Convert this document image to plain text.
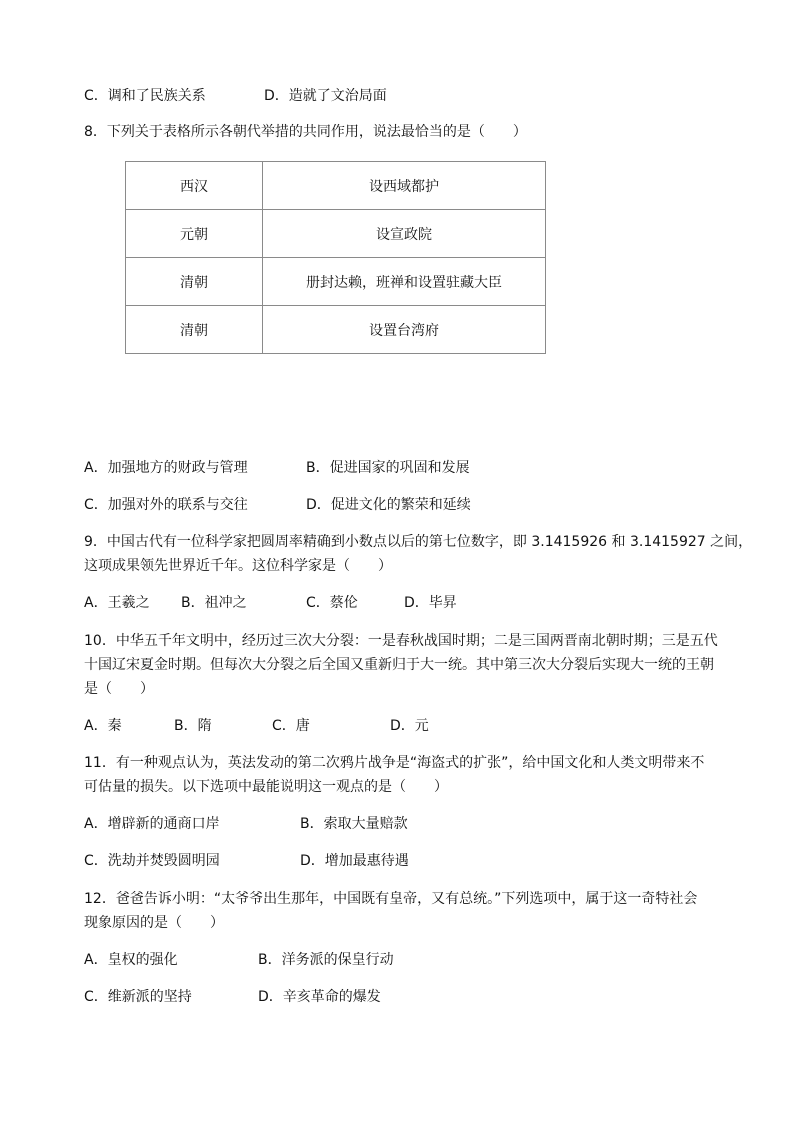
C．调和了民族关系	D．造就了文治局面
8．下列关于表格所示各朝代举措的共同作用，说法最恰当的是（　　）
西汉	设西域都护
元朝	设宣政院
清朝	册封达赖，班禅和设置驻藏大臣
清朝	设置台湾府
A．加强地方的财政与管理	B．促进国家的巩固和发展
C．加强对外的联系与交往	D．促进文化的繁荣和延续
9．中国古代有一位科学家把圆周率精确到小数点以后的第七位数字，即 3.1415926 和 3.1415927 之间，
这项成果领先世界近千年。这位科学家是（　　）
A．王羲之 B．祖冲之	C．蔡伦	D．毕昇
10．中华五千年文明中，经历过三次大分裂：一是春秋战国时期；二是三国两晋南北朝时期；三是五代
十国辽宋夏金时期。但每次大分裂之后全国又重新归于大一统。其中第三次大分裂后实现大一统的王朝
是（　　）
A．秦	B．隋	C．唐	D．元
11．有一种观点认为，英法发动的第二次鸦片战争是“海盗式的扩张”，给中国文化和人类文明带来不
可估量的损失。以下选项中最能说明这一观点的是（　　）
A．增辟新的通商口岸	B．索取大量赔款
C．洗劫并焚毁圆明园	D．增加最惠待遇
12．爸爸告诉小明：“太爷爷出生那年，中国既有皇帝，又有总统。”下列选项中，属于这一奇特社会
现象原因的是（　　）
A．皇权的强化	B．洋务派的保皇行动
C．维新派的坚持	D．辛亥革命的爆发
